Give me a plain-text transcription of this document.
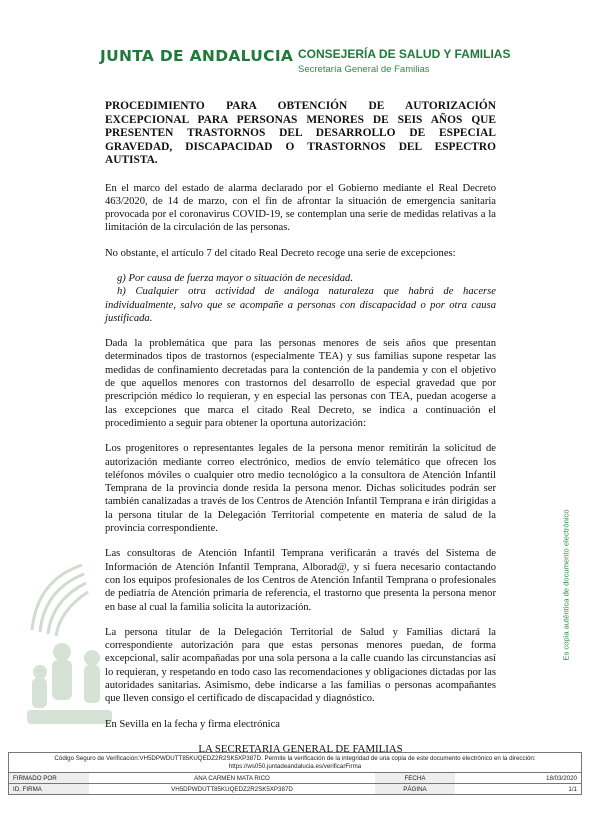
JUNTA DE ANDALUCIA CONSEJERÍA DE SALUD Y FAMILIAS
Secretaría General de Familias
PROCEDIMIENTO PARA OBTENCIÓN DE AUTORIZACIÓN EXCEPCIONAL PARA PERSONAS MENORES DE SEIS AÑOS QUE PRESENTEN TRASTORNOS DEL DESARROLLO DE ESPECIAL GRAVEDAD, DISCAPACIDAD O TRASTORNOS DEL ESPECTRO AUTISTA.

En el marco del estado de alarma declarado por el Gobierno mediante el Real Decreto 463/2020, de 14 de marzo, con el fin de afrontar la situación de emergencia sanitaria provocada por el coronavirus COVID-19, se contemplan una serie de medidas relativas a la limitación de la circulación de las personas.

No obstante, el artículo 7 del citado Real Decreto recoge una serie de excepciones:

g) Por causa de fuerza mayor o situación de necesidad.
h) Cualquier otra actividad de análoga naturaleza que habrá de hacerse individualmente, salvo que se acompañe a personas con discapacidad o por otra causa justificada.

Dada la problemática que para las personas menores de seis años que presentan determinados tipos de trastornos (especialmente TEA) y sus familias supone respetar las medidas de confinamiento decretadas para la contención de la pandemia y con el objetivo de que aquellos menores con trastornos del desarrollo de especial gravedad que por prescripción médico lo requieran, y en especial las personas con TEA, puedan acogerse a las excepciones que marca el citado Real Decreto, se indica a continuación el procedimiento a seguir para obtener la oportuna autorización:

Los progenitores o representantes legales de la persona menor remitirán la solicitud de autorización mediante correo electrónico, medios de envío telemático que ofrecen los teléfonos móviles o cualquier otro medio tecnológico a la consultora de Atención Infantil Temprana de la provincia donde resida la persona menor. Dichas solicitudes podrán ser también canalizadas a través de los Centros de Atención Infantil Temprana e irán dirigidas a la persona titular de la Delegación Territorial competente en materia de salud de la provincia correspondiente.

Las consultoras de Atención Infantil Temprana verificarán a través del Sistema de Información de Atención Infantil Temprana, Alborad@, y si fuera necesario contactando con los equipos profesionales de los Centros de Atención Infantil Temprana o profesionales de pediatría de Atención primaria de referencia, el trastorno que presenta la persona menor en base al cual la familia solicita la autorización.

La persona titular de la Delegación Territorial de Salud y Familias dictará la correspondiente autorización para que estas personas menores puedan, de forma excepcional, salir acompañadas por una sola persona a la calle cuando las circunstancias así lo requieran, y respetando en todo caso las recomendaciones y obligaciones dictadas por las autoridades sanitarias. Asimismo, debe indicarse a las familias o personas acompañantes que lleven consigo el certificado de discapacidad y diagnóstico.

En Sevilla en la fecha y firma electrónica

LA SECRETARIA GENERAL DE FAMILIAS
Es copia auténtica de documento electrónico
Código Seguro de Verificación:VH5DPWDUTT85KUQEDZ2R2SK5XP387D. Permite la verificación de la integridad de una copia de este documento electrónico en la dirección: https://ws050.juntadeandalucia.es/verificarFirma
FIRMADO POR	ANA CARMEN MATA RICO	FECHA	18/03/2020
ID. FIRMA	VH5DPWDUTT85KUQEDZ2R2SK5XP387D	PÁGINA	1/1
